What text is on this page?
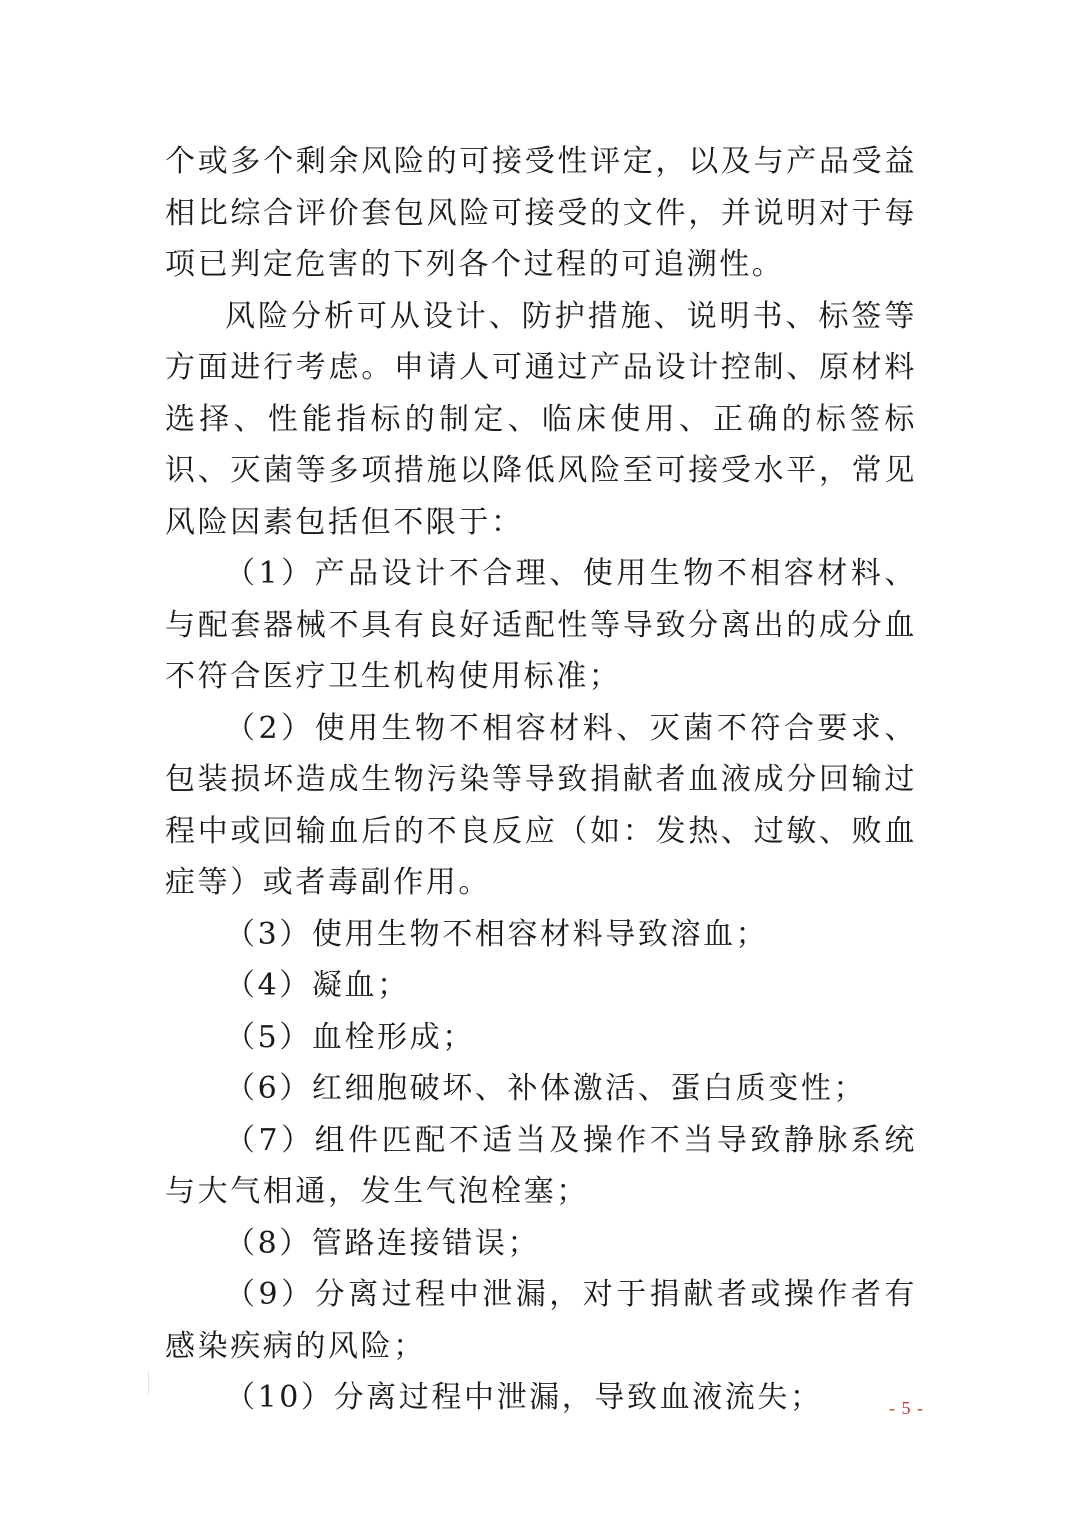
个或多个剩余风险的可接受性评定，以及与产品受益相比综合评价套包风险可接受的文件，并说明对于每项已判定危害的下列各个过程的可追溯性。

风险分析可从设计、防护措施、说明书、标签等方面进行考虑。申请人可通过产品设计控制、原材料选择、性能指标的制定、临床使用、正确的标签标识、灭菌等多项措施以降低风险至可接受水平，常见风险因素包括但不限于：

（1）产品设计不合理、使用生物不相容材料、与配套器械不具有良好适配性等导致分离出的成分血不符合医疗卫生机构使用标准；

（2）使用生物不相容材料、灭菌不符合要求、包装损坏造成生物污染等导致捐献者血液成分回输过程中或回输血后的不良反应（如：发热、过敏、败血症等）或者毒副作用。

（3）使用生物不相容材料导致溶血；

（4）凝血；

（5）血栓形成；

（6）红细胞破坏、补体激活、蛋白质变性；

（7）组件匹配不适当及操作不当导致静脉系统与大气相通，发生气泡栓塞；

（8）管路连接错误；

（9）分离过程中泄漏，对于捐献者或操作者有感染疾病的风险；

（10）分离过程中泄漏，导致血液流失；	- 5 -
